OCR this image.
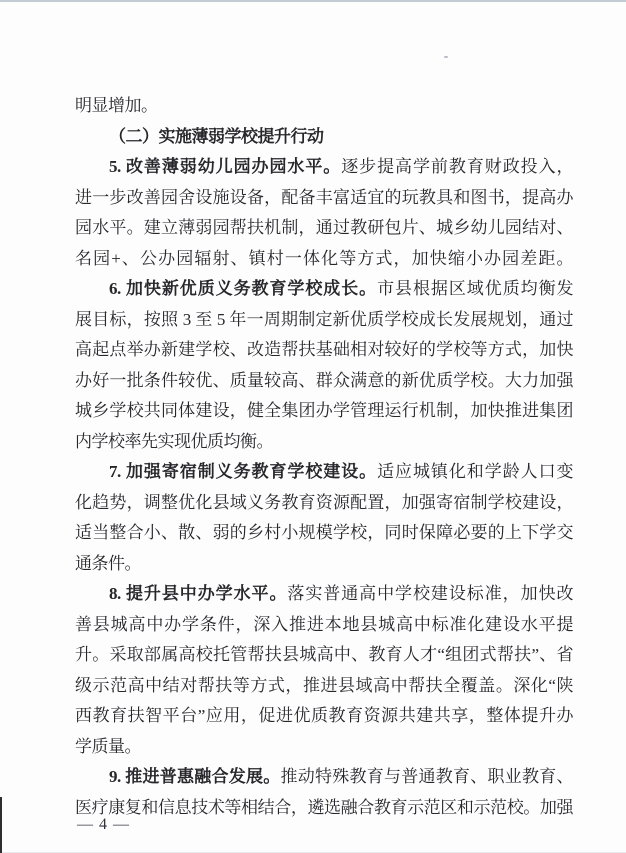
明显增加。
（二）实施薄弱学校提升行动
5. 改善薄弱幼儿园办园水平。逐步提高学前教育财政投入，
进一步改善园舍设施设备，配备丰富适宜的玩教具和图书，提高办
园水平。建立薄弱园帮扶机制，通过教研包片、城乡幼儿园结对、
名园+、公办园辐射、镇村一体化等方式，加快缩小办园差距。
6. 加快新优质义务教育学校成长。市县根据区域优质均衡发
展目标，按照 3 至 5 年一周期制定新优质学校成长发展规划，通过
高起点举办新建学校、改造帮扶基础相对较好的学校等方式，加快
办好一批条件较优、质量较高、群众满意的新优质学校。大力加强
城乡学校共同体建设，健全集团办学管理运行机制，加快推进集团
内学校率先实现优质均衡。
7. 加强寄宿制义务教育学校建设。适应城镇化和学龄人口变
化趋势，调整优化县域义务教育资源配置，加强寄宿制学校建设，
适当整合小、散、弱的乡村小规模学校，同时保障必要的上下学交
通条件。
8. 提升县中办学水平。落实普通高中学校建设标准，加快改
善县城高中办学条件，深入推进本地县城高中标准化建设水平提
升。采取部属高校托管帮扶县城高中、教育人才“组团式帮扶”、省
级示范高中结对帮扶等方式，推进县域高中帮扶全覆盖。深化“陕
西教育扶智平台”应用，促进优质教育资源共建共享，整体提升办
学质量。
9. 推进普惠融合发展。推动特殊教育与普通教育、职业教育、
医疗康复和信息技术等相结合，遴选融合教育示范区和示范校。加强
— 4 —
